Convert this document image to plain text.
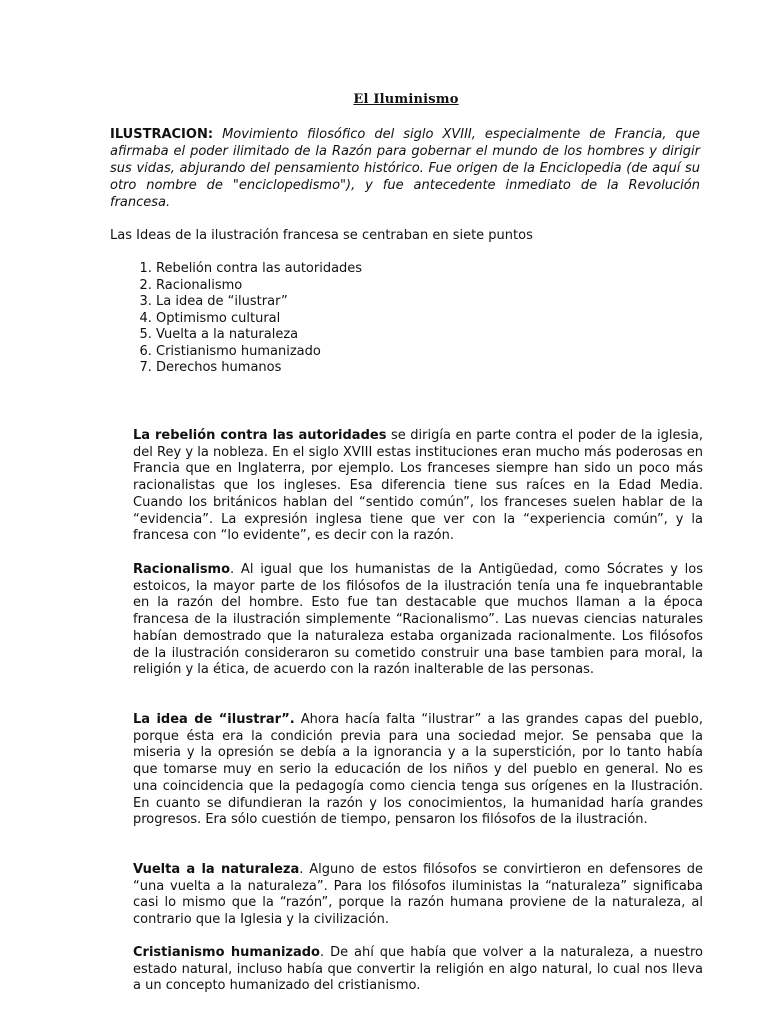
El Iluminismo
ILUSTRACION: Movimiento filosófico del siglo XVIII, especialmente de Francia, que afirmaba el poder ilimitado de la Razón para gobernar el mundo de los hombres y dirigir sus vidas, abjurando del pensamiento histórico. Fue origen de la Enciclopedia (de aquí su otro nombre de "enciclopedismo"), y fue antecedente inmediato de la Revolución francesa.
Las Ideas de la ilustración francesa se centraban en siete puntos
1. Rebelión contra las autoridades
2. Racionalismo
3. La idea de “ilustrar”
4. Optimismo cultural
5. Vuelta a la naturaleza
6. Cristianismo humanizado
7. Derechos humanos
La rebelión contra las autoridades se dirigía en parte contra el poder de la iglesia, del Rey y la nobleza. En el siglo XVIII estas instituciones eran mucho más poderosas en Francia que en Inglaterra, por ejemplo. Los franceses siempre han sido un poco más racionalistas que los ingleses. Esa diferencia tiene sus raíces en la Edad Media. Cuando los británicos hablan del “sentido común”, los franceses suelen hablar de la “evidencia”. La expresión inglesa tiene que ver con la “experiencia común”, y la francesa con “lo evidente”, es decir con la razón.
Racionalismo. Al igual que los humanistas de la Antigüedad, como Sócrates y los estoicos, la mayor parte de los filósofos de la ilustración tenía una fe inquebrantable en la razón del hombre. Esto fue tan destacable que muchos llaman a la época francesa de la ilustración simplemente “Racionalismo”. Las nuevas ciencias naturales habían demostrado que la naturaleza estaba organizada racionalmente. Los filósofos de la ilustración consideraron su cometido construir una base tambien para moral, la religión y la ética, de acuerdo con la razón inalterable de las personas.
La idea de “ilustrar”. Ahora hacía falta “ilustrar” a las grandes capas del pueblo, porque ésta era la condición previa para una sociedad mejor. Se pensaba que la miseria y la opresión se debía a la ignorancia y a la superstición, por lo tanto había que tomarse muy en serio la educación de los niños y del pueblo en general. No es una coincidencia que la pedagogía como ciencia tenga sus orígenes en la Ilustración. En cuanto se difundieran la razón y los conocimientos, la humanidad haría grandes progresos. Era sólo cuestión de tiempo, pensaron los filósofos de la ilustración.
Vuelta a la naturaleza. Alguno de estos filósofos se convirtieron en defensores de “una vuelta a la naturaleza”. Para los filósofos iluministas la “naturaleza” significaba casi lo mismo que la “razón”, porque la razón humana proviene de la naturaleza, al contrario que la Iglesia y la civilización.
Cristianismo humanizado. De ahí que había que volver a la naturaleza, a nuestro estado natural, incluso había que convertir la religión en algo natural, lo cual nos lleva a un concepto humanizado del cristianismo.
